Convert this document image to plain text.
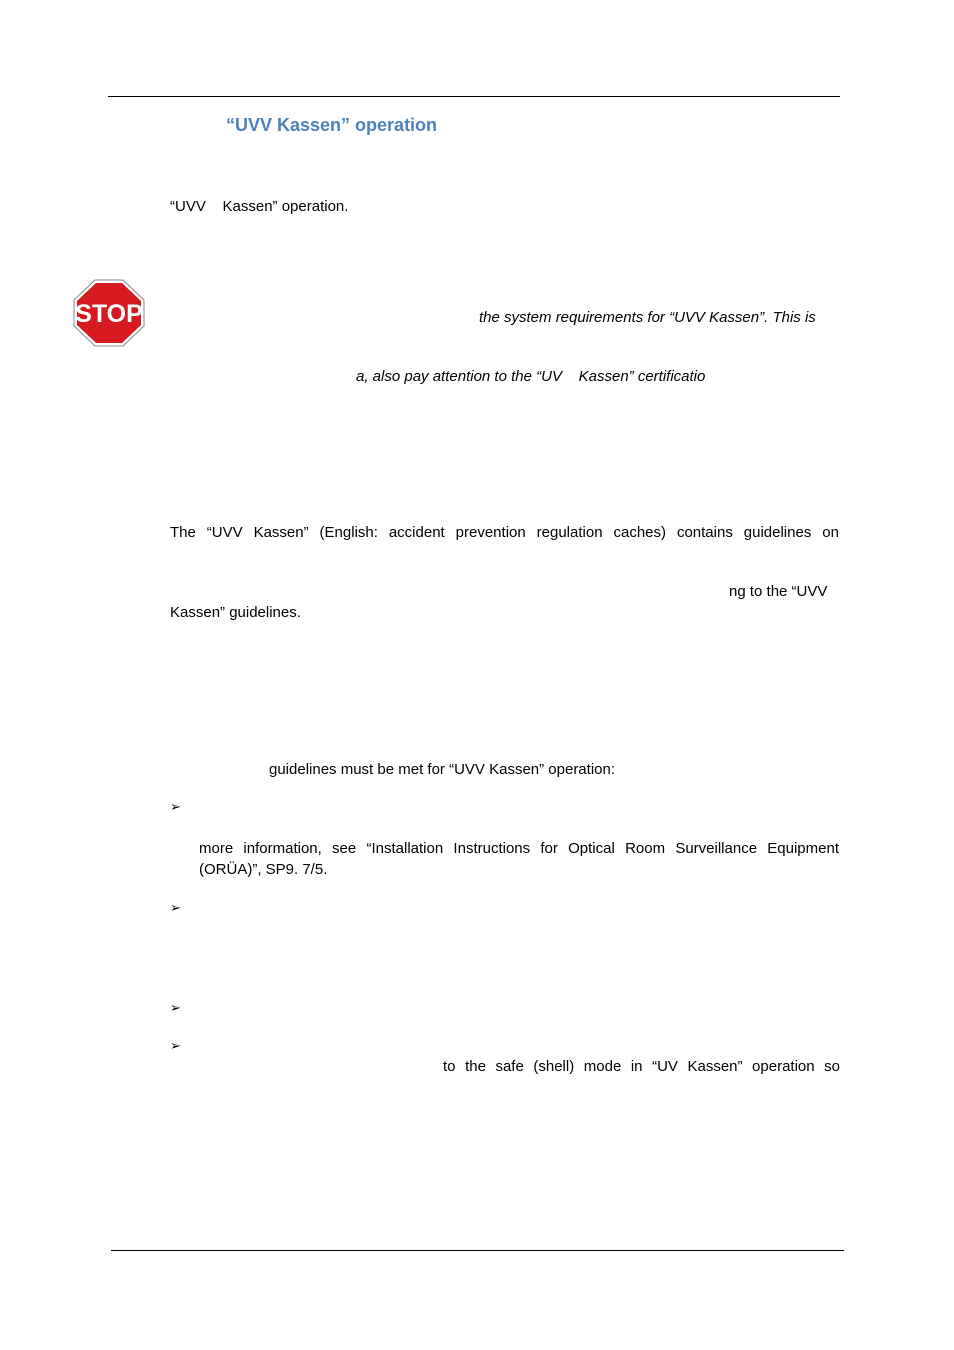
“UVV Kassen” operation
“UVV    Kassen” operation.
STOP	the system requirements for “UVV Kassen”. This is
a, also pay attention to the “UV    Kassen” certificatio
The “UVV Kassen” (English: accident prevention regulation caches) contains guidelines on
ng to the “UVV
Kassen” guidelines.
guidelines must be met for “UVV Kassen” operation:
➢
more information, see “Installation Instructions for Optical Room Surveillance Equipment
(ORÜA)”, SP9. 7/5.
➢
➢
➢
to the safe (shell) mode in “UV Kassen” operation so
